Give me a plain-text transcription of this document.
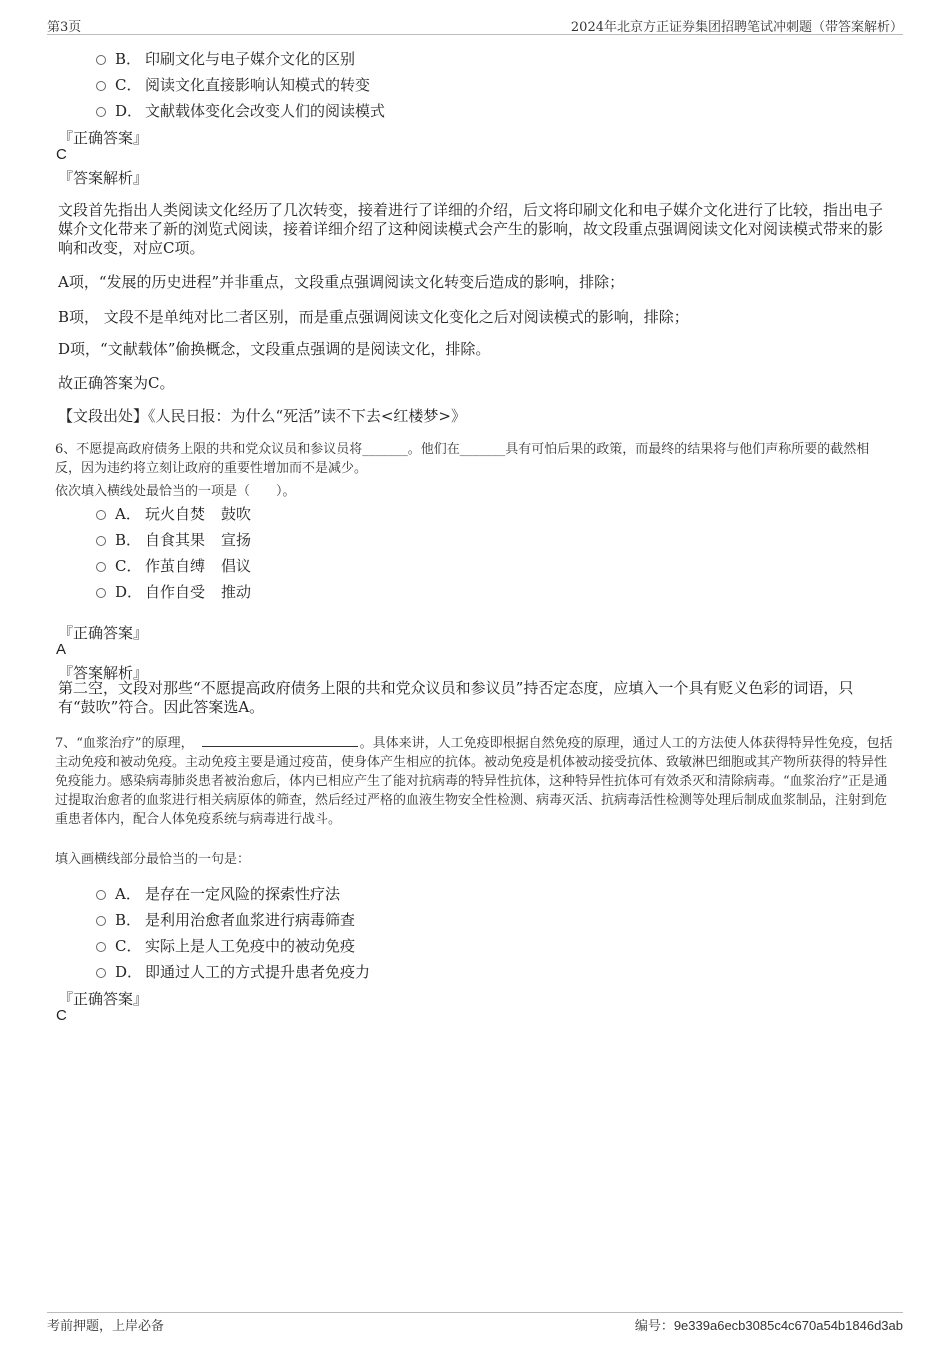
第3页	2024年北京方正证券集团招聘笔试冲刺题（带答案解析）
B． 印刷文化与电子媒介文化的区别
C． 阅读文化直接影响认知模式的转变
D． 文献载体变化会改变人们的阅读模式
『正确答案』
C
『答案解析』
文段首先指出人类阅读文化经历了几次转变，接着进行了详细的介绍，后文将印刷文化和电子媒介文化进行了比较，指出电子媒介文化带来了新的浏览式阅读，接着详细介绍了这种阅读模式会产生的影响，故文段重点强调阅读文化对阅读模式带来的影响和改变，对应C项。
A项，“发展的历史进程”并非重点，文段重点强调阅读文化转变后造成的影响，排除；
B项， 文段不是单纯对比二者区别，而是重点强调阅读文化变化之后对阅读模式的影响，排除；
D项，“文献载体”偷换概念，文段重点强调的是阅读文化，排除。
故正确答案为C。
【文段出处】《人民日报：为什么“死活”读不下去<红楼梦>》
6、不愿提高政府债务上限的共和党众议员和参议员将_______。他们在_______具有可怕后果的政策，而最终的结果将与他们声称所要的截然相反，因为违约将立刻让政府的重要性增加而不是减少。
依次填入横线处最恰当的一项是（　　）。
A． 玩火自焚 鼓吹
B． 自食其果 宣扬
C． 作茧自缚 倡议
D． 自作自受 推动
『正确答案』
A
『答案解析』
第二空，文段对那些“不愿提高政府债务上限的共和党众议员和参议员”持否定态度，应填入一个具有贬义色彩的词语，只有“鼓吹”符合。因此答案选A。
7、“血浆治疗”的原理，	。具体来讲，人工免疫即根据自然免疫的原理，通过人工的方法使人体获得特异性免疫，包括主动免疫和被动免疫。主动免疫主要是通过疫苗，使身体产生相应的抗体。被动免疫是机体被动接受抗体、致敏淋巴细胞或其产物所获得的特异性免疫能力。感染病毒肺炎患者被治愈后，体内已相应产生了能对抗病毒的特异性抗体，这种特异性抗体可有效杀灭和清除病毒。“血浆治疗”正是通过提取治愈者的血浆进行相关病原体的筛查，然后经过严格的血液生物安全性检测、病毒灭活、抗病毒活性检测等处理后制成血浆制品，注射到危重患者体内，配合人体免疫系统与病毒进行战斗。
填入画横线部分最恰当的一句是：
A． 是存在一定风险的探索性疗法
B． 是利用治愈者血浆进行病毒筛查
C． 实际上是人工免疫中的被动免疫
D． 即通过人工的方式提升患者免疫力
『正确答案』
C
考前押题，上岸必备	编号：9e339a6ecb3085c4c670a54b1846d3ab
